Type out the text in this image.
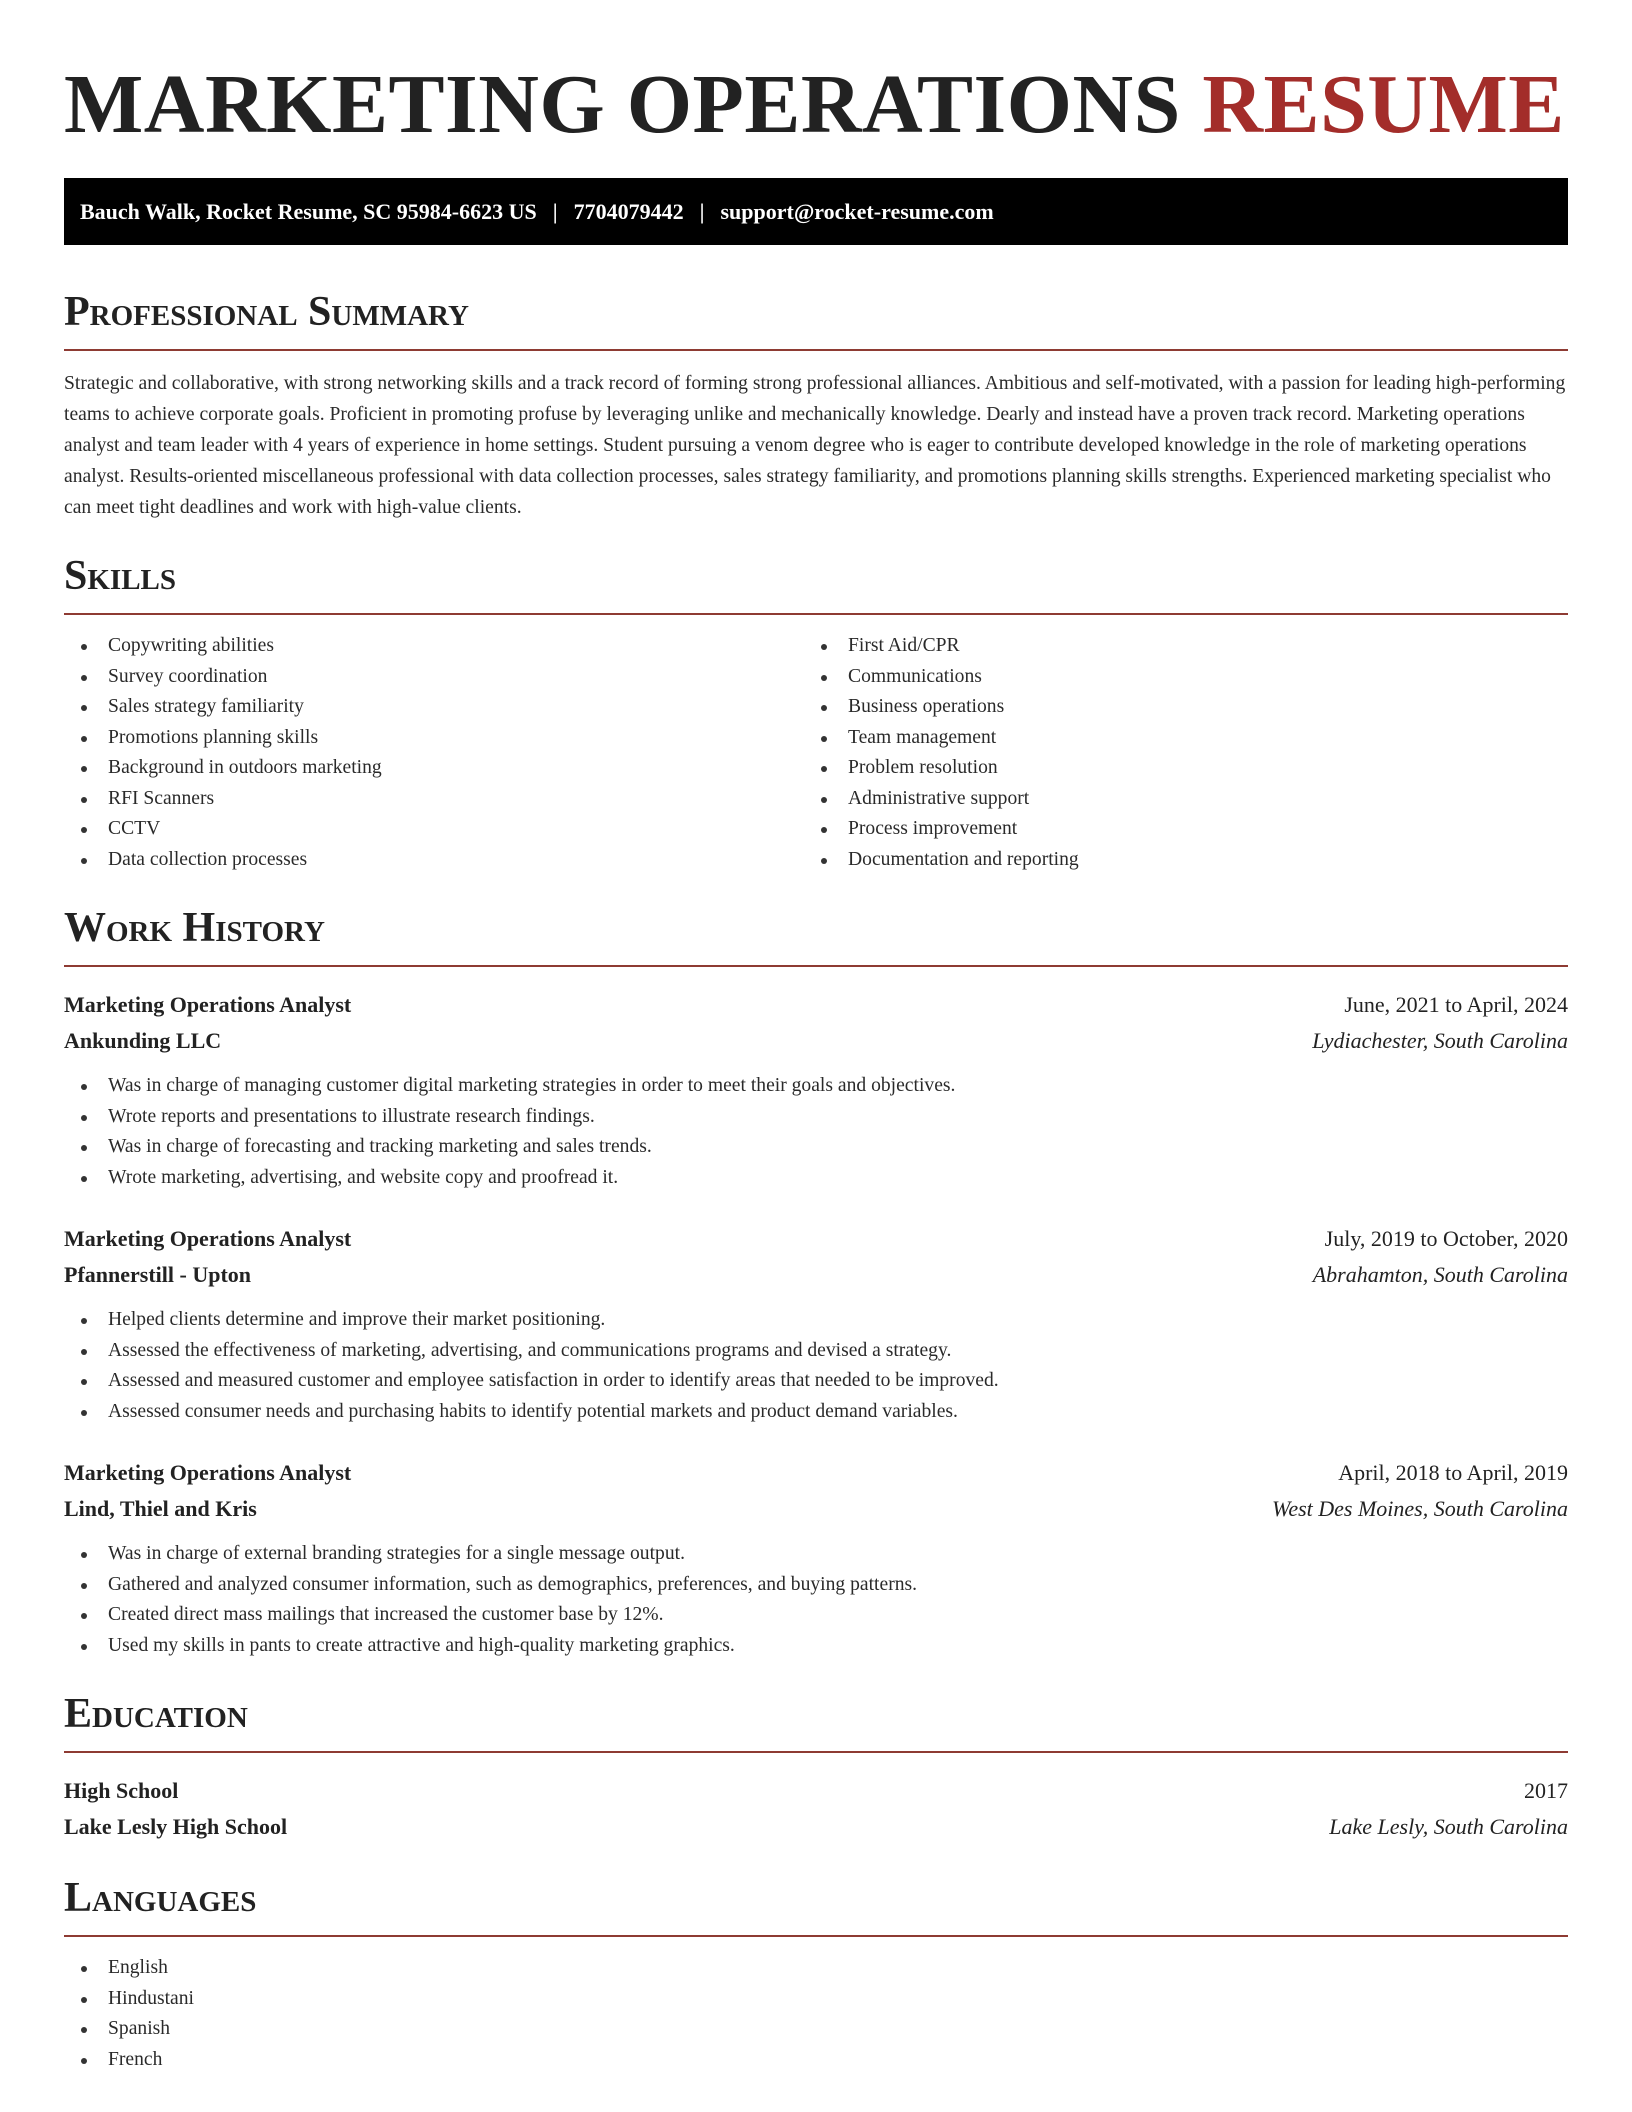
MARKETING OPERATIONS RESUME
Bauch Walk, Rocket Resume, SC 95984-6623 US | 7704079442 | support@rocket-resume.com
Professional Summary

Strategic and collaborative, with strong networking skills and a track record of forming strong professional alliances. Ambitious and self-motivated, with a passion for leading high-performing teams to achieve corporate goals. Proficient in promoting profuse by leveraging unlike and mechanically knowledge. Dearly and instead have a proven track record. Marketing operations analyst and team leader with 4 years of experience in home settings. Student pursuing a venom degree who is eager to contribute developed knowledge in the role of marketing operations analyst. Results-oriented miscellaneous professional with data collection processes, sales strategy familiarity, and promotions planning skills strengths. Experienced marketing specialist who can meet tight deadlines and work with high-value clients.

Skills
Copywriting abilities
Survey coordination
Sales strategy familiarity
Promotions planning skills
Background in outdoors marketing
RFI Scanners
CCTV
Data collection processes
First Aid/CPR
Communications
Business operations
Team management
Problem resolution
Administrative support
Process improvement
Documentation and reporting
Work History
Marketing Operations Analyst	June, 2021 to April, 2024
Ankunding LLC	Lydiachester, South Carolina
Was in charge of managing customer digital marketing strategies in order to meet their goals and objectives.
Wrote reports and presentations to illustrate research findings.
Was in charge of forecasting and tracking marketing and sales trends.
Wrote marketing, advertising, and website copy and proofread it.
Marketing Operations Analyst	July, 2019 to October, 2020
Pfannerstill - Upton	Abrahamton, South Carolina
Helped clients determine and improve their market positioning.
Assessed the effectiveness of marketing, advertising, and communications programs and devised a strategy.
Assessed and measured customer and employee satisfaction in order to identify areas that needed to be improved.
Assessed consumer needs and purchasing habits to identify potential markets and product demand variables.
Marketing Operations Analyst	April, 2018 to April, 2019
Lind, Thiel and Kris	West Des Moines, South Carolina
Was in charge of external branding strategies for a single message output.
Gathered and analyzed consumer information, such as demographics, preferences, and buying patterns.
Created direct mass mailings that increased the customer base by 12%.
Used my skills in pants to create attractive and high-quality marketing graphics.
Education
High School	2017
Lake Lesly High School	Lake Lesly, South Carolina
Languages
English
Hindustani
Spanish
French
